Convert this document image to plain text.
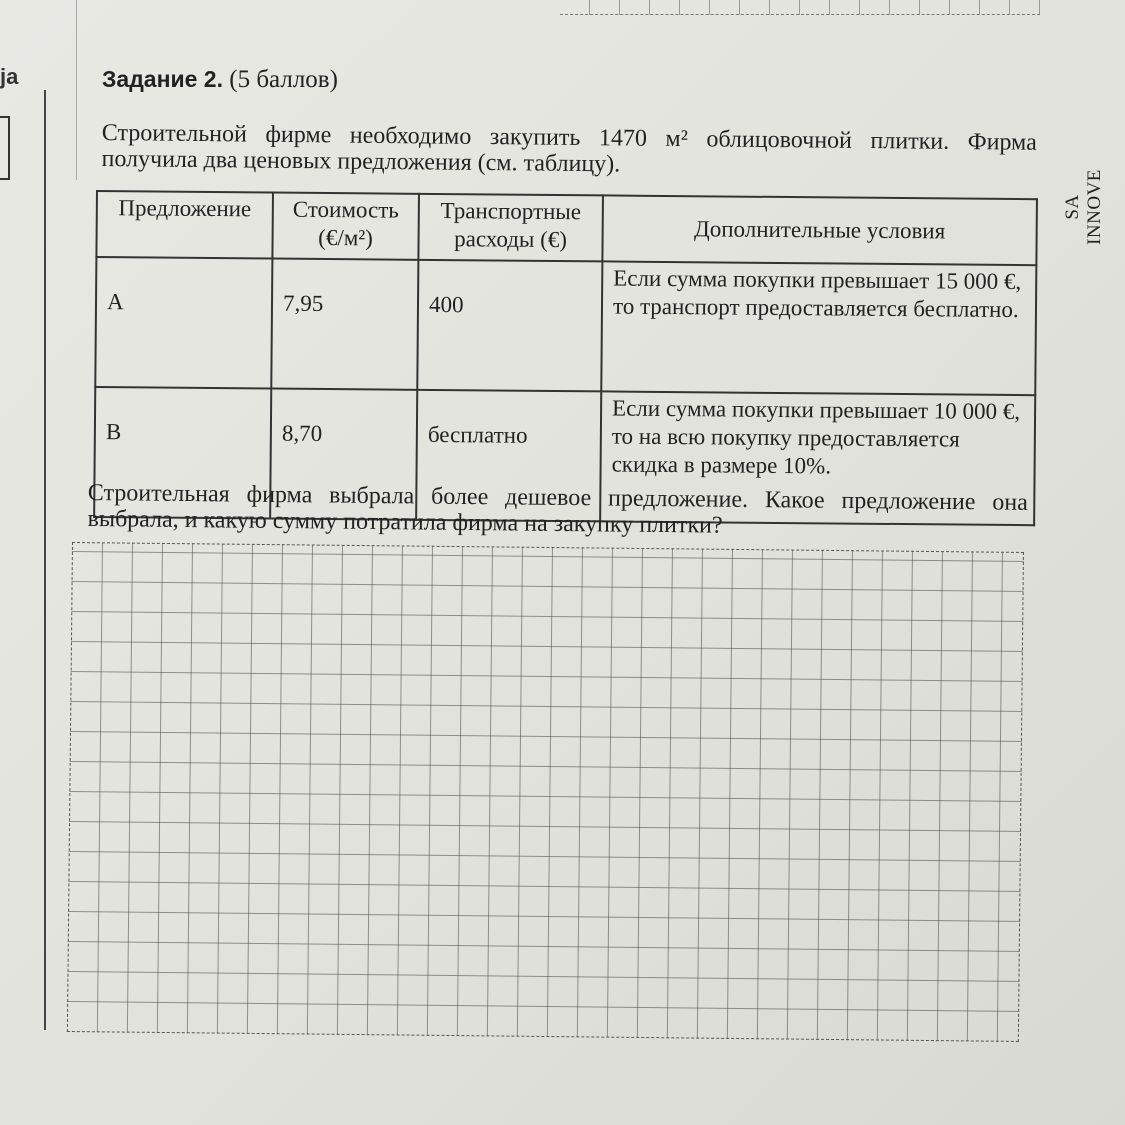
ja
SA INNOVE
Задание 2. (5 баллов)
Строительной фирме необходимо закупить 1470 м² облицовочной плитки. Фирма получила два ценовых предложения (см. таблицу).
Предложение	Стоимость (€/м²)	Транспортные расходы (€)	Дополнительные условия
A	7,95	400	Если сумма покупки превышает 15 000 €, то транспорт предоставляется бесплатно.
B	8,70	бесплатно	Если сумма покупки превышает 10 000 €, то на всю покупку предоставляется скидка в размере 10%.
Строительная фирма выбрала более дешевое предложение. Какое предложение она выбрала, и какую сумму потратила фирма на закупку плитки?
